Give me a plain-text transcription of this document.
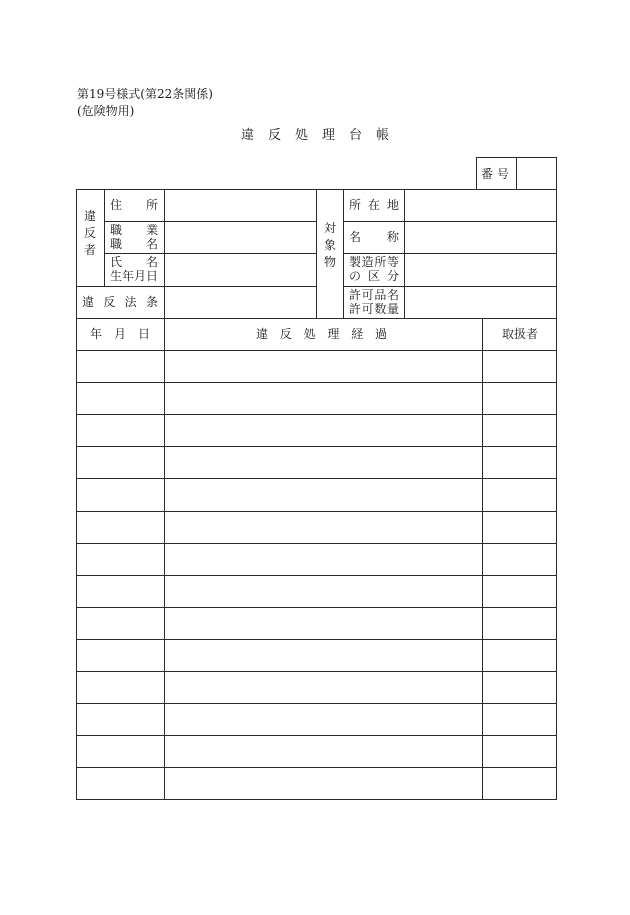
第19号様式(第22条関係)
(危険物用)
違反処理台帳
番 号
違
反
者
住　所
職　業
職　名
氏　名
生年月日
違 反 法 条
対
象
物
所 在 地
名　称
製造所等
の 区 分
許可品名
許可数量
年　月　日	違 反 処 理 経 過	取扱者
